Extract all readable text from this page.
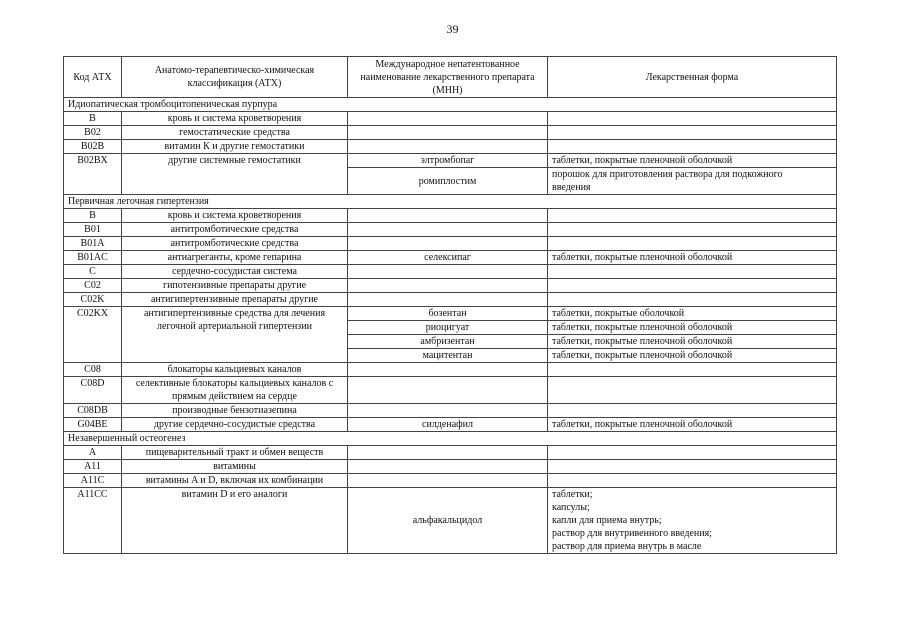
39
Код АТХ	Анатомо-терапевтическо-химическая классификация (АТХ)	Международное непатентованное наименование лекарственного препарата (МНН)	Лекарственная форма
Идиопатическая тромбоцитопеническая пурпура			
B	кровь и система кроветворения		
B02	гемостатические средства		
B02B	витамин К и другие гемостатики		
B02BX	другие системные гемостатики	элтромбопаг	таблетки, покрытые пленочной оболочкой

		ромиплостим	порошок для приготовления раствора для подкожного
введения

Первичная легочная гипертензия			
B	кровь и система кроветворения		
B01	антитромботические средства		
B01A	антитромботические средства		
B01AC	антиагреганты, кроме гепарина	селексипаг	таблетки, покрытые пленочной оболочкой
C	сердечно-сосудистая система		
C02	гипотензивные препараты другие		
C02K	антигипертензивные препараты другие		
C02KX	антигипертензивные средства для лечения легочной артериальной гипертензии	бозентан	таблетки, покрытые оболочкой

		риоцигуат	таблетки, покрытые пленочной оболочкой

		амбризентан	таблетки, покрытые пленочной оболочкой

		мацитентан	таблетки, покрытые пленочной оболочкой

C08	блокаторы кальциевых каналов		
C08D	селективные блокаторы кальциевых каналов с прямым действием на сердце		
C08DB	производные бензотиазепина		
G04BE	другие сердечно-сосудистые средства	силденафил	таблетки, покрытые пленочной оболочкой
Незавершенный остеогенез			
A	пищеварительный тракт и обмен веществ		
A11	витамины		
A11C	витамины A и D, включая их комбинации		
A11CC	витамин D и его аналоги	альфакальцидол	таблетки;
капсулы;
капли для приема внутрь;
раствор для внутривенного введения;
раствор для приема внутрь в масле
